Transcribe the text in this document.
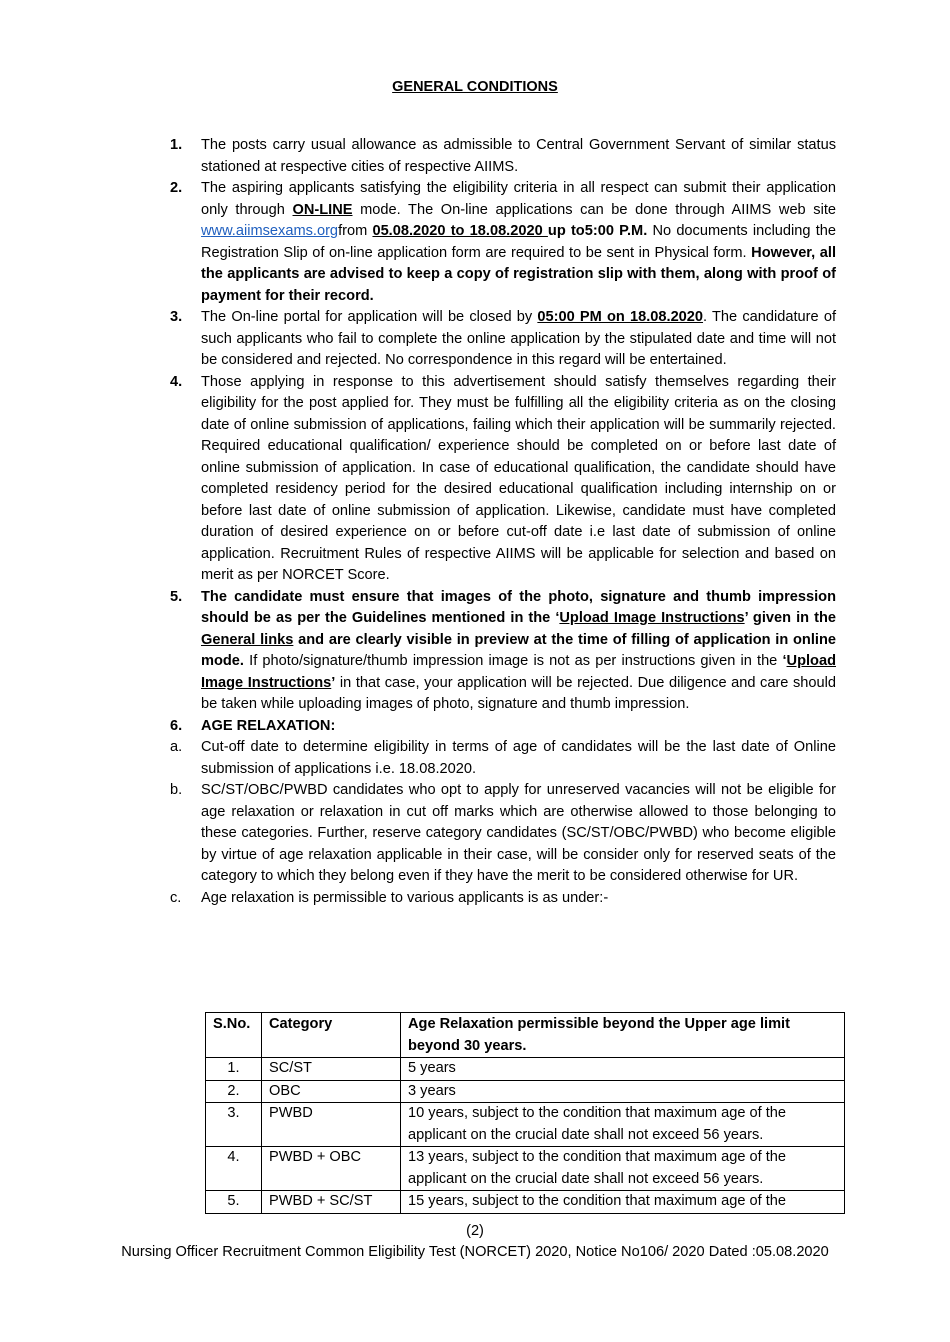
GENERAL CONDITIONS
1. The posts carry usual allowance as admissible to Central Government Servant of similar status stationed at respective cities of respective AIIMS.
2. The aspiring applicants satisfying the eligibility criteria in all respect can submit their application only through ON-LINE mode. The On-line applications can be done through AIIMS web site www.aiimsexams.orgfrom 05.08.2020 to 18.08.2020 up to5:00 P.M. No documents including the Registration Slip of on-line application form are required to be sent in Physical form. However, all the applicants are advised to keep a copy of registration slip with them, along with proof of payment for their record.
3. The On-line portal for application will be closed by 05:00 PM on 18.08.2020. The candidature of such applicants who fail to complete the online application by the stipulated date and time will not be considered and rejected. No correspondence in this regard will be entertained.
4. Those applying in response to this advertisement should satisfy themselves regarding their eligibility for the post applied for. They must be fulfilling all the eligibility criteria as on the closing date of online submission of applications, failing which their application will be summarily rejected. Required educational qualification/ experience should be completed on or before last date of online submission of application. In case of educational qualification, the candidate should have completed residency period for the desired educational qualification including internship on or before last date of online submission of application. Likewise, candidate must have completed duration of desired experience on or before cut-off date i.e last date of submission of online application. Recruitment Rules of respective AIIMS will be applicable for selection and based on merit as per NORCET Score.
5. The candidate must ensure that images of the photo, signature and thumb impression should be as per the Guidelines mentioned in the ‘Upload Image Instructions’ given in the General links and are clearly visible in preview at the time of filling of application in online mode. If photo/signature/thumb impression image is not as per instructions given in the ‘Upload Image Instructions’ in that case, your application will be rejected. Due diligence and care should be taken while uploading images of photo, signature and thumb impression.
6. AGE RELAXATION:
a. Cut-off date to determine eligibility in terms of age of candidates will be the last date of Online submission of applications i.e. 18.08.2020.
b. SC/ST/OBC/PWBD candidates who opt to apply for unreserved vacancies will not be eligible for age relaxation or relaxation in cut off marks which are otherwise allowed to those belonging to these categories. Further, reserve category candidates (SC/ST/OBC/PWBD) who become eligible by virtue of age relaxation applicable in their case, will be consider only for reserved seats of the category to which they belong even if they have the merit to be considered otherwise for UR.
c. Age relaxation is permissible to various applicants is as under:-
S.No.	Category	Age Relaxation permissible beyond the Upper age limit beyond 30 years.
1.	SC/ST	5 years
2.	OBC	3 years
3.	PWBD	10 years, subject to the condition that maximum age of the applicant on the crucial date shall not exceed 56 years.
4.	PWBD + OBC	13 years, subject to the condition that maximum age of the applicant on the crucial date shall not exceed 56 years.
5.	PWBD + SC/ST	15 years, subject to the condition that maximum age of the
(2)
Nursing Officer Recruitment Common Eligibility Test (NORCET) 2020, Notice No106/ 2020 Dated :05.08.2020
